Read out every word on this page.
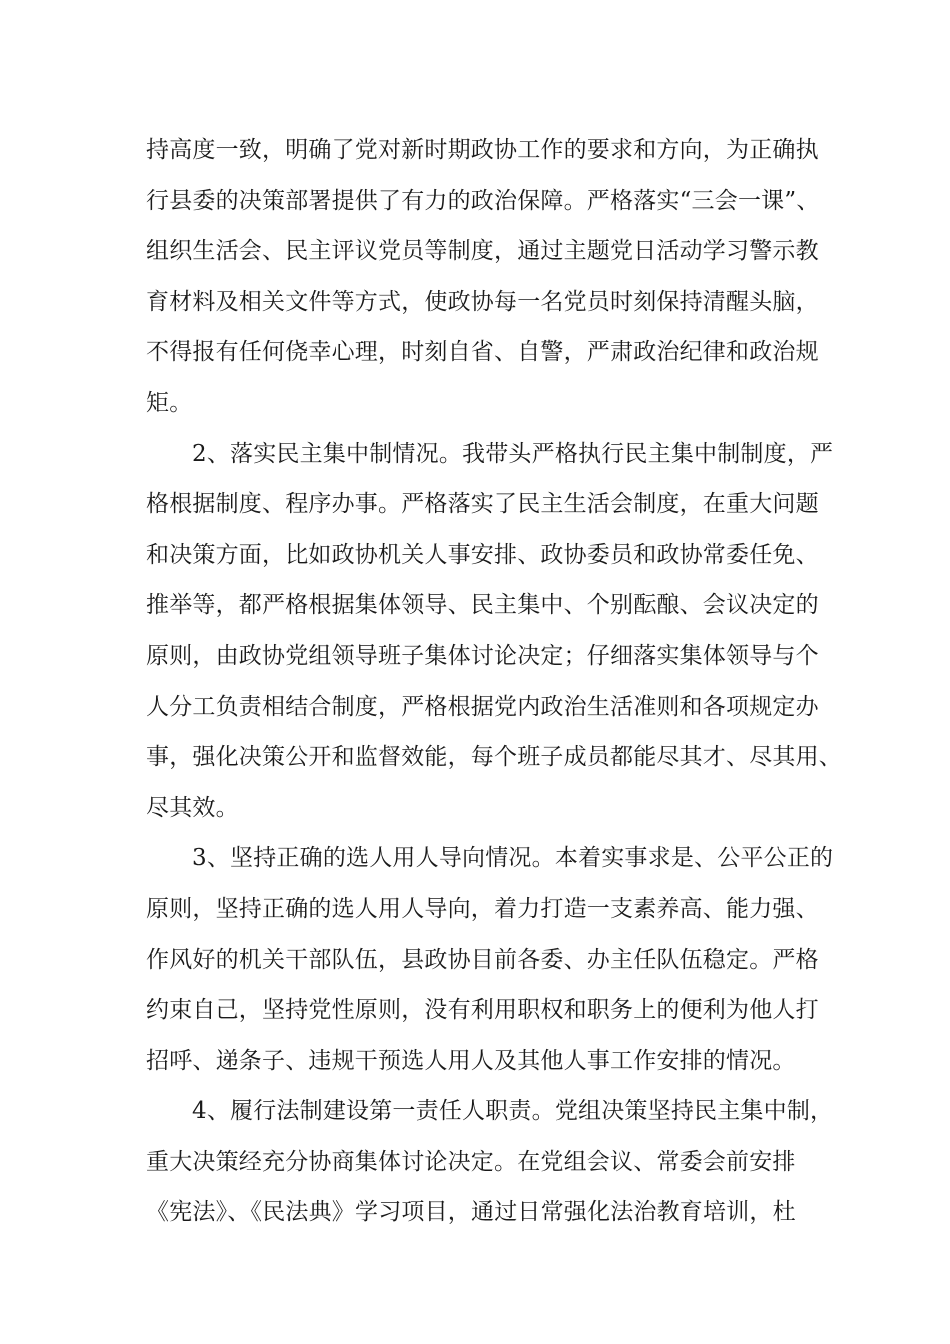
持高度一致，明确了党对新时期政协工作的要求和方向，为正确执
行县委的决策部署提供了有力的政治保障。严格落实“三会一课”、
组织生活会、民主评议党员等制度，通过主题党日活动学习警示教
育材料及相关文件等方式，使政协每一名党员时刻保持清醒头脑，
不得报有任何侥幸心理，时刻自省、自警，严肃政治纪律和政治规
矩。
2、落实民主集中制情况。我带头严格执行民主集中制制度，严
格根据制度、程序办事。严格落实了民主生活会制度，在重大问题
和决策方面，比如政协机关人事安排、政协委员和政协常委任免、
推举等，都严格根据集体领导、民主集中、个别酝酿、会议决定的
原则，由政协党组领导班子集体讨论决定；仔细落实集体领导与个
人分工负责相结合制度，严格根据党内政治生活准则和各项规定办
事，强化决策公开和监督效能，每个班子成员都能尽其才、尽其用、
尽其效。
3、坚持正确的选人用人导向情况。本着实事求是、公平公正的
原则，坚持正确的选人用人导向，着力打造一支素养高、能力强、
作风好的机关干部队伍，县政协目前各委、办主任队伍稳定。严格
约束自己，坚持党性原则，没有利用职权和职务上的便利为他人打
招呼、递条子、违规干预选人用人及其他人事工作安排的情况。
4、履行法制建设第一责任人职责。党组决策坚持民主集中制，
重大决策经充分协商集体讨论决定。在党组会议、常委会前安排
《宪法》、《民法典》学习项目，通过日常强化法治教育培训，杜
